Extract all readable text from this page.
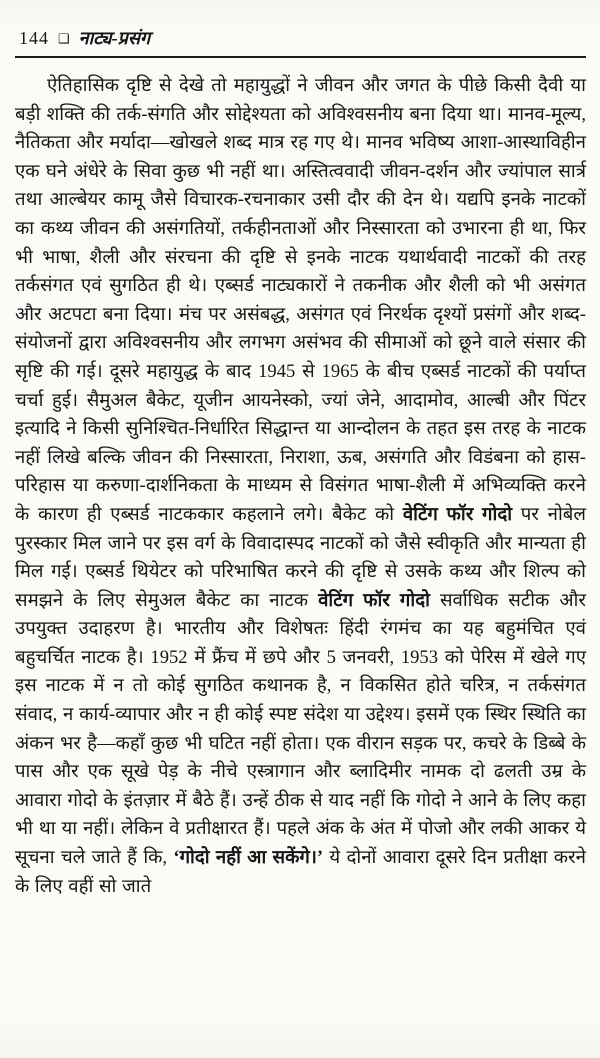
144 ❑ नाट्य-प्रसंग

ऐतिहासिक दृष्टि से देखे तो महायुद्धों ने जीवन और जगत के पीछे किसी दैवी या बड़ी शक्ति की तर्क-संगति और सोद्देश्यता को अविश्वसनीय बना दिया था। मानव-मूल्य, नैतिकता और मर्यादा—खोखले शब्द मात्र रह गए थे। मानव भविष्य आशा-आस्थाविहीन एक घने अंधेरे के सिवा कुछ भी नहीं था। अस्तित्ववादी जीवन-दर्शन और ज्यांपाल सार्त्र तथा आल्बेयर कामू जैसे विचारक-रचनाकार उसी दौर की देन थे। यद्यपि इनके नाटकों का कथ्य जीवन की असंगतियों, तर्कहीनताओं और निस्सारता को उभारना ही था, फिर भी भाषा, शैली और संरचना की दृष्टि से इनके नाटक यथार्थवादी नाटकों की तरह तर्कसंगत एवं सुगठित ही थे। एब्सर्ड नाट्यकारों ने तकनीक और शैली को भी असंगत और अटपटा बना दिया। मंच पर असंबद्ध, असंगत एवं निरर्थक दृश्यों प्रसंगों और शब्द-संयोजनों द्वारा अविश्वसनीय और लगभग असंभव की सीमाओं को छूने वाले संसार की सृष्टि की गई। दूसरे महायुद्ध के बाद 1945 से 1965 के बीच एब्सर्ड नाटकों की पर्याप्त चर्चा हुई। सैमुअल बैकेट, यूजीन आयनेस्को, ज्यां जेने, आदामोव, आल्बी और पिंटर इत्यादि ने किसी सुनिश्चित-निर्धारित सिद्धान्त या आन्दोलन के तहत इस तरह के नाटक नहीं लिखे बल्कि जीवन की निस्सारता, निराशा, ऊब, असंगति और विडंबना को हास-परिहास या करुणा-दार्शनिकता के माध्यम से विसंगत भाषा-शैली में अभिव्यक्ति करने के कारण ही एब्सर्ड नाटककार कहलाने लगे। बैकेट को वेटिंग फॉर गोदो पर नोबेल पुरस्कार मिल जाने पर इस वर्ग के विवादास्पद नाटकों को जैसे स्वीकृति और मान्यता ही मिल गई। एब्सर्ड थियेटर को परिभाषित करने की दृष्टि से उसके कथ्य और शिल्प को समझने के लिए सेमुअल बैकेट का नाटक वेटिंग फॉर गोदो सर्वाधिक सटीक और उपयुक्त उदाहरण है। भारतीय और विशेषतः हिंदी रंगमंच का यह बहुमंचित एवं बहुचर्चित नाटक है। 1952 में फ्रैंच में छपे और 5 जनवरी, 1953 को पेरिस में खेले गए इस नाटक में न तो कोई सुगठित कथानक है, न विकसित होते चरित्र, न तर्कसंगत संवाद, न कार्य-व्यापार और न ही कोई स्पष्ट संदेश या उद्देश्य। इसमें एक स्थिर स्थिति का अंकन भर है—कहाँ कुछ भी घटित नहीं होता। एक वीरान सड़क पर, कचरे के डिब्बे के पास और एक सूखे पेड़ के नीचे एस्त्रागान और ब्लादिमीर नामक दो ढलती उम्र के आवारा गोदो के इंतज़ार में बैठे हैं। उन्हें ठीक से याद नहीं कि गोदो ने आने के लिए कहा भी था या नहीं। लेकिन वे प्रतीक्षारत हैं। पहले अंक के अंत में पोजो और लकी आकर ये सूचना चले जाते हैं कि, ‘गोदो नहीं आ सकेंगे।’ ये दोनों आवारा दूसरे दिन प्रतीक्षा करने के लिए वहीं सो जाते
